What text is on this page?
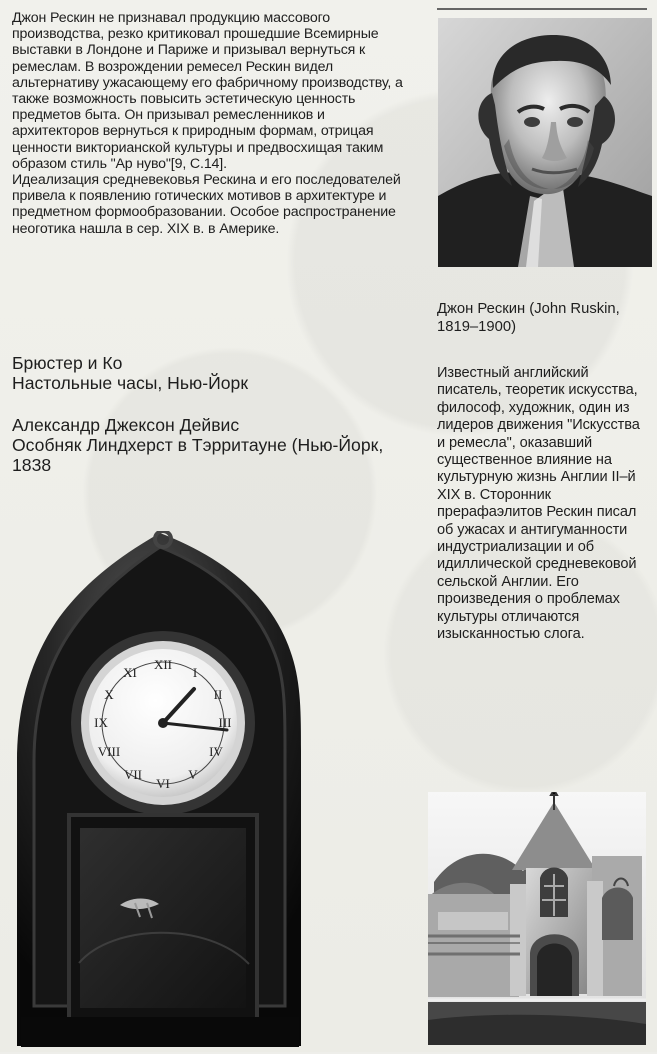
Джон Рескин не признавал продукцию массового производства, резко критиковал прошедшие Всемирные выставки в Лондоне и Париже и призывал вернуться к ремеслам. В возрождении ремесел Рескин видел альтернативу ужасающему его фабричному производству, а также возможность повысить эстетическую ценность предметов быта. Он призывал ремесленников и архитекторов вернуться к природным формам, отрицая ценности викторианской культуры и предвосхищая таким образом стиль "Ар нуво"[9, С.14].

Идеализация средневековья Рескина и его последователей привела к появлению готических мотивов в архитектуре и предметном формообразовании. Особое распространение неоготика нашла в сер. XIX в. в Америке.

Джон Рескин (John Ruskin, 1819–1900)
Известный английский писатель, теоретик искусства, философ, художник, один из лидеров движения "Искусства и ремесла", оказавший существенное влияние на культурную жизнь Англии II–й XIX в. Сторонник прерафаэлитов Рескин писал об ужасах и антигуманности индустриализации и об идиллической средневековой сельской Англии. Его произведения о проблемах культуры отличаются изысканностью слога.
Брюстер и Ко
Настольные часы, Нью-Йорк
Александр Джексон Дейвис
Особняк Линдхерст в Тэрритауне (Нью-Йорк, 1838
XII
I
II
III
IV
V
VI
VII
VIII
IX
X
XI
